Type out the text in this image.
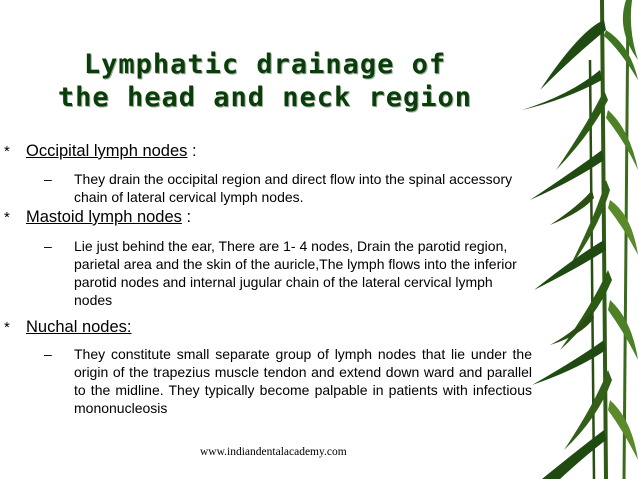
Lymphatic drainage of
the head and neck region
* Occipital lymph nodes :
– They drain the occipital region and direct flow into the spinal accessory chain of lateral cervical lymph nodes.
* Mastoid lymph nodes :
– Lie just behind the ear, There are 1- 4 nodes, Drain the parotid region, parietal area and the skin of the auricle,The lymph flows into the inferior parotid nodes and internal jugular chain of the lateral cervical lymph nodes
* Nuchal nodes:
– They constitute small separate group of lymph nodes that lie under the origin of the trapezius muscle tendon and extend down ward and parallel to the midline. They typically become palpable in patients with infectious mononucleosis
www.indiandentalacademy.com
